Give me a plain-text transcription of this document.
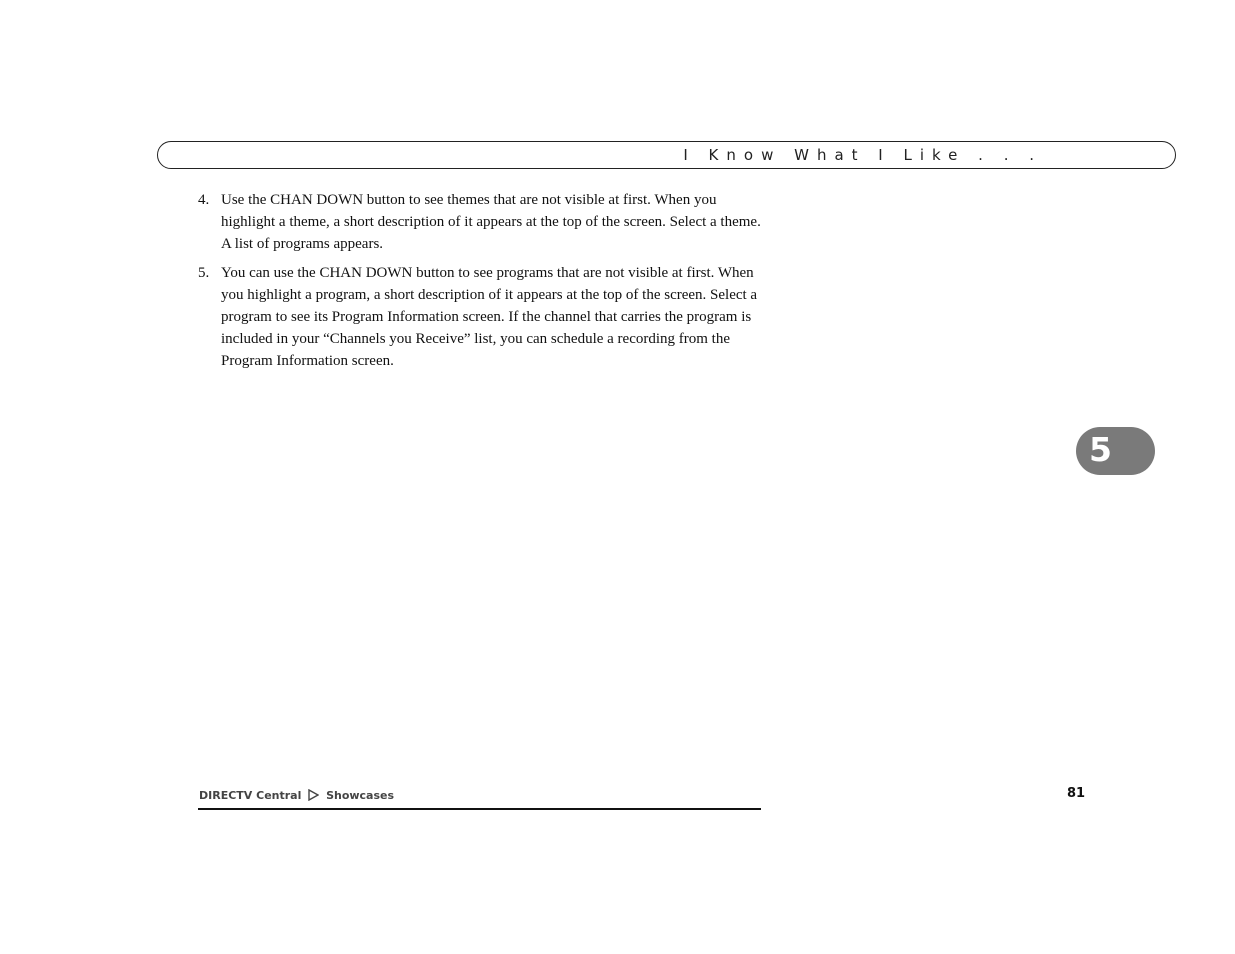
I Know What I Like . . .
4. Use the CHAN DOWN button to see themes that are not visible at first. When you highlight a theme, a short description of it appears at the top of the screen. Select a theme. A list of programs appears.
5. You can use the CHAN DOWN button to see programs that are not visible at first. When you highlight a program, a short description of it appears at the top of the screen. Select a program to see its Program Information screen. If the channel that carries the program is included in your “Channels you Receive” list, you can schedule a recording from the Program Information screen.
5
DIRECTV Central Showcases	81
